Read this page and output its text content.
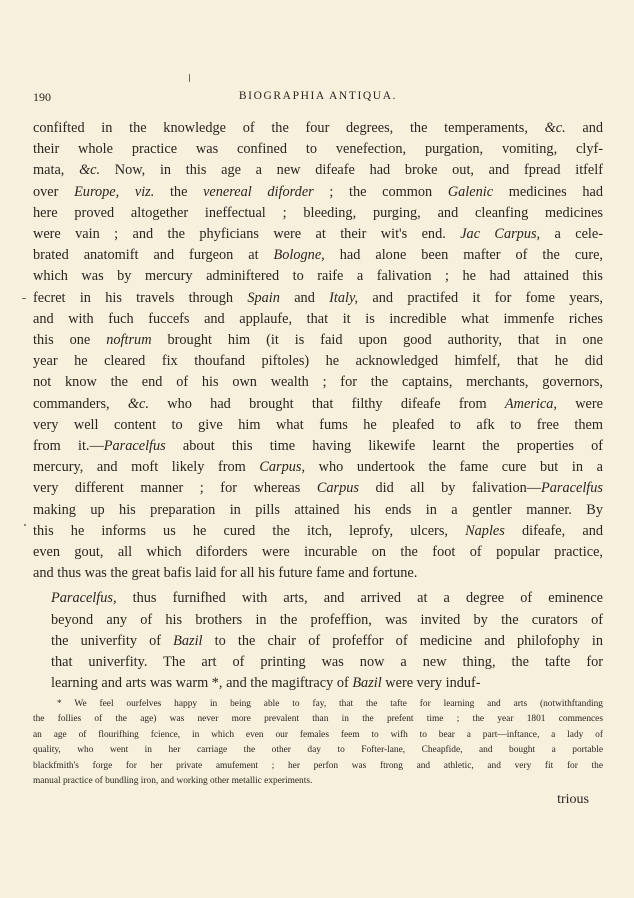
190	BIOGRAPHIA ANTIQUA.

confifted in the knowledge of the four degrees, the temperaments, &c. and
their whole practice was confined to venefection, purgation, vomiting, clyf-
mata, &c. Now, in this age a new difeafe had broke out, and fpread itfelf
over Europe, viz. the venereal diforder ; the common Galenic medicines had
here proved altogether ineffectual ; bleeding, purging, and cleanfing medicines
were vain ; and the phyficians were at their wit's end. Jac Carpus, a cele-
brated anatomift and furgeon at Bologne, had alone been mafter of the cure,
which was by mercury adminiftered to raife a falivation ; he had attained this
fecret in his travels through Spain and Italy, and practifed it for fome years,
and with fuch fuccefs and applaufe, that it is incredible what immenfe riches
this one noftrum brought him (it is faid upon good authority, that in one
year he cleared fix thoufand piftoles) he acknowledged himfelf, that he did
not know the end of his own wealth ; for the captains, merchants, governors,
commanders, &c. who had brought that filthy difeafe from America, were
very well content to give him what fums he pleafed to afk to free them
from it.—Paracelfus about this time having likewife learnt the properties of
mercury, and moft likely from Carpus, who undertook the fame cure but in a
very different manner ; for whereas Carpus did all by falivation—Paracelfus
making up his preparation in pills attained his ends in a gentler manner. By
this he informs us he cured the itch, leprofy, ulcers, Naples difeafe, and
even gout, all which diforders were incurable on the foot of popular practice,
and thus was the great bafis laid for all his future fame and fortune.

Paracelfus, thus furnifhed with arts, and arrived at a degree of eminence
beyond any of his brothers in the profeffion, was invited by the curators of
the univerfity of Bazil to the chair of profeffor of medicine and philofophy in
that univerfity. The art of printing was now a new thing, the tafte for
learning and arts was warm *, and the magiftracy of Bazil were very induf-

* We feel ourfelves happy in being able to fay, that the tafte for learning and arts (notwithftanding
the follies of the age) was never more prevalent than in the prefent time ; the year 1801 commences
an age of flourifhing fcience, in which even our females feem to wifh to bear a part—inftance, a lady of
quality, who went in her carriage the other day to Fofter-lane, Cheapfide, and bought a portable
blackfmith's forge for her private amufement ; her perfon was ftrong and athletic, and very fit for the
manual practice of bundling iron, and working other metallic experiments.
trious
